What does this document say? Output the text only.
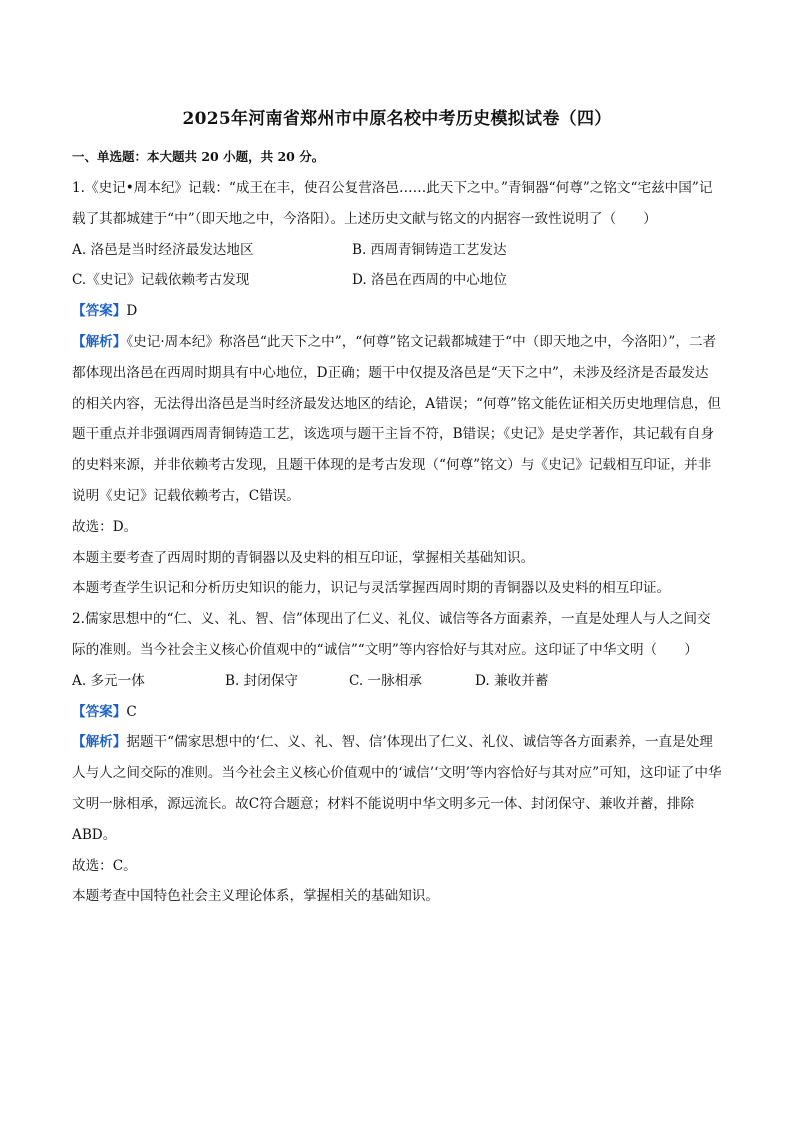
2025年河南省郑州市中原名校中考历史模拟试卷（四）
一、单选题：本大题共 20 小题，共 20 分。

1.《史记•周本纪》记载：“成王在丰，使召公复营洛邑……此天下之中。”青铜器“何尊”之铭文“宅兹中国”记载了其都城建于“中”（即天地之中，今洛阳）。上述历史文献与铭文的内据容一致性说明了（　　）

A. 洛邑是当时经济最发达地区	B. 西周青铜铸造工艺发达
C.《史记》记载依赖考古发现	D. 洛邑在西周的中心地位

【答案】D

【解析】《史记·周本纪》称洛邑“此天下之中”，“何尊”铭文记载都城建于“中（即天地之中，今洛阳）”，二者都体现出洛邑在西周时期具有中心地位，D正确；题干中仅提及洛邑是“天下之中”，未涉及经济是否最发达的相关内容，无法得出洛邑是当时经济最发达地区的结论，A错误；“何尊”铭文能佐证相关历史地理信息，但题干重点并非强调西周青铜铸造工艺，该选项与题干主旨不符，B错误；《史记》是史学著作，其记载有自身的史料来源，并非依赖考古发现，且题干体现的是考古发现（“何尊”铭文）与《史记》记载相互印证，并非说明《史记》记载依赖考古，C错误。

故选：D。

本题主要考查了西周时期的青铜器以及史料的相互印证，掌握相关基础知识。

本题考查学生识记和分析历史知识的能力，识记与灵活掌握西周时期的青铜器以及史料的相互印证。

2.儒家思想中的“仁、义、礼、智、信”体现出了仁义、礼仪、诚信等各方面素养，一直是处理人与人之间交际的准则。当今社会主义核心价值观中的“诚信”“文明”等内容恰好与其对应。这印证了中华文明（　　）

A. 多元一体	B. 封闭保守	C. 一脉相承	D. 兼收并蓄

【答案】C

【解析】据题干“儒家思想中的‘仁、义、礼、智、信’体现出了仁义、礼仪、诚信等各方面素养，一直是处理人与人之间交际的准则。当今社会主义核心价值观中的‘诚信’‘文明’等内容恰好与其对应”可知，这印证了中华文明一脉相承，源远流长。故C符合题意；材料不能说明中华文明多元一体、封闭保守、兼收并蓄，排除ABD。

故选：C。

本题考查中国特色社会主义理论体系，掌握相关的基础知识。
